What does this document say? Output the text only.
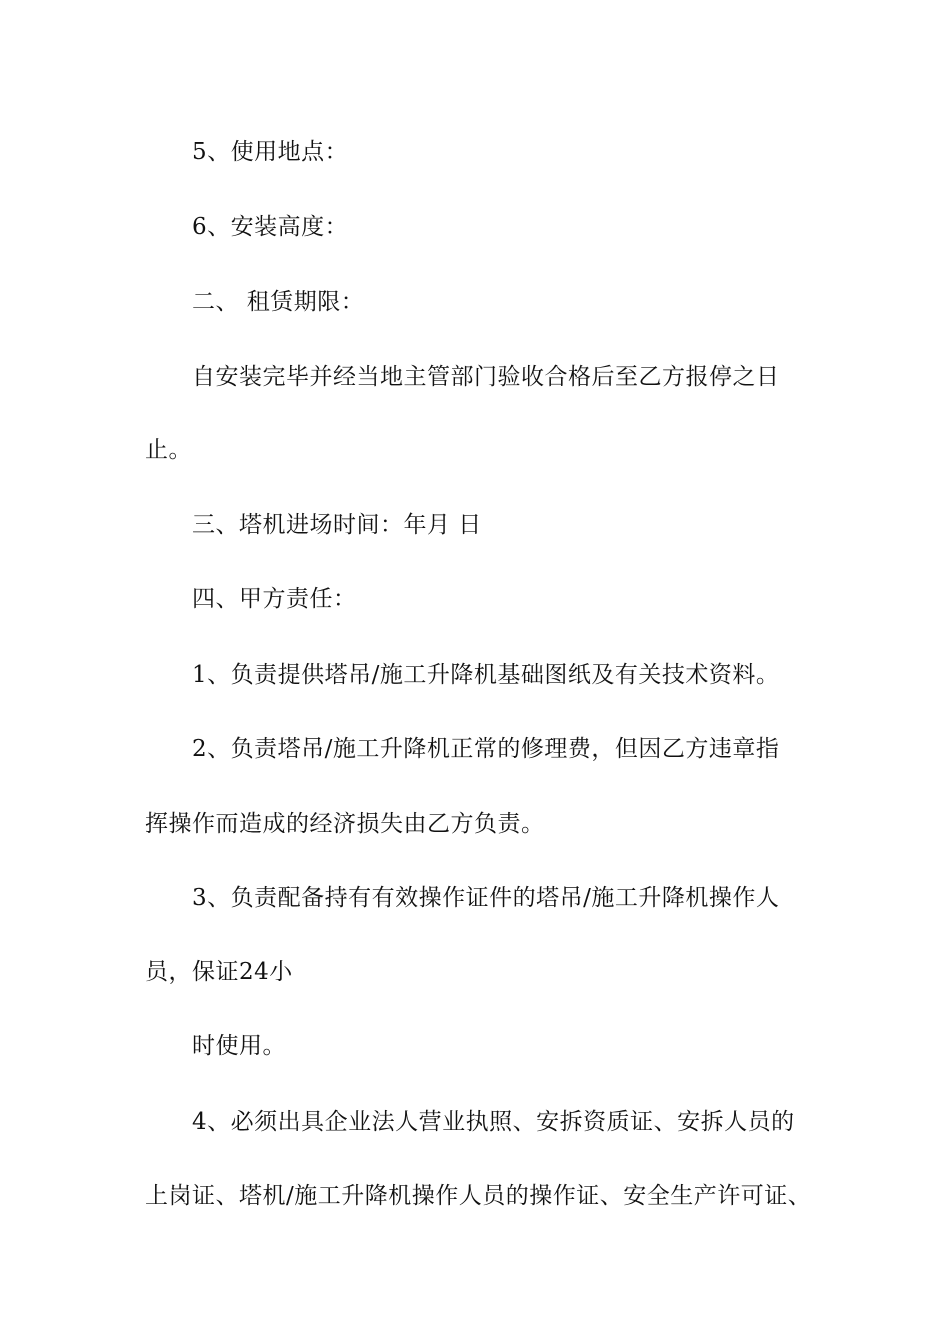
5、使用地点：
6、安装高度：
二、 租赁期限：
自安装完毕并经当地主管部门验收合格后至乙方报停之日
止。
三、塔机进场时间：年月 日
四、甲方责任：
1、负责提供塔吊/施工升降机基础图纸及有关技术资料。
2、负责塔吊/施工升降机正常的修理费，但因乙方违章指
挥操作而造成的经济损失由乙方负责。
3、负责配备持有有效操作证件的塔吊/施工升降机操作人
员，保证24小
时使用。
4、必须出具企业法人营业执照、安拆资质证、安拆人员的
上岗证、塔机/施工升降机操作人员的操作证、安全生产许可证、
